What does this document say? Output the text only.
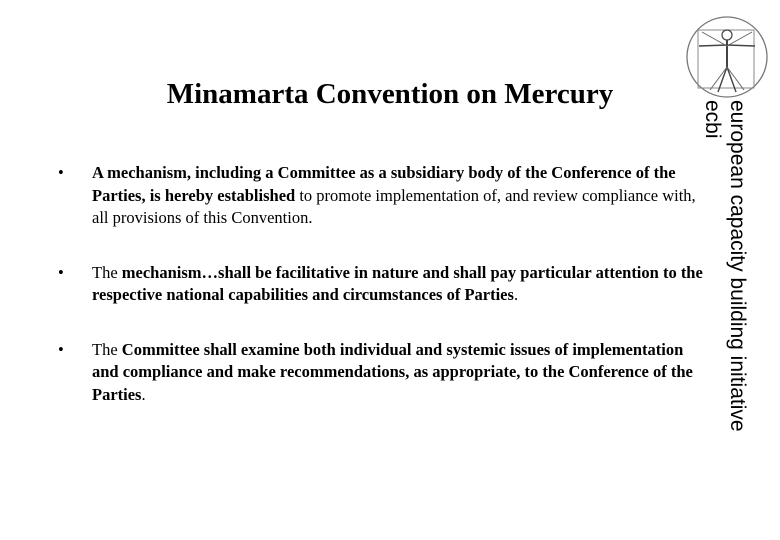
Minamarta Convention on Mercury
• A mechanism, including a Committee as a subsidiary body of the Conference of the Parties, is hereby established to promote implementation of, and review compliance with, all provisions of this Convention.
• The mechanism…shall be facilitative in nature and shall pay particular attention to the respective national capabilities and circumstances of Parties.
• The Committee shall examine both individual and systemic issues of implementation and compliance and make recommendations, as appropriate, to the Conference of the Parties.	european capacity building initiative
ecbi
